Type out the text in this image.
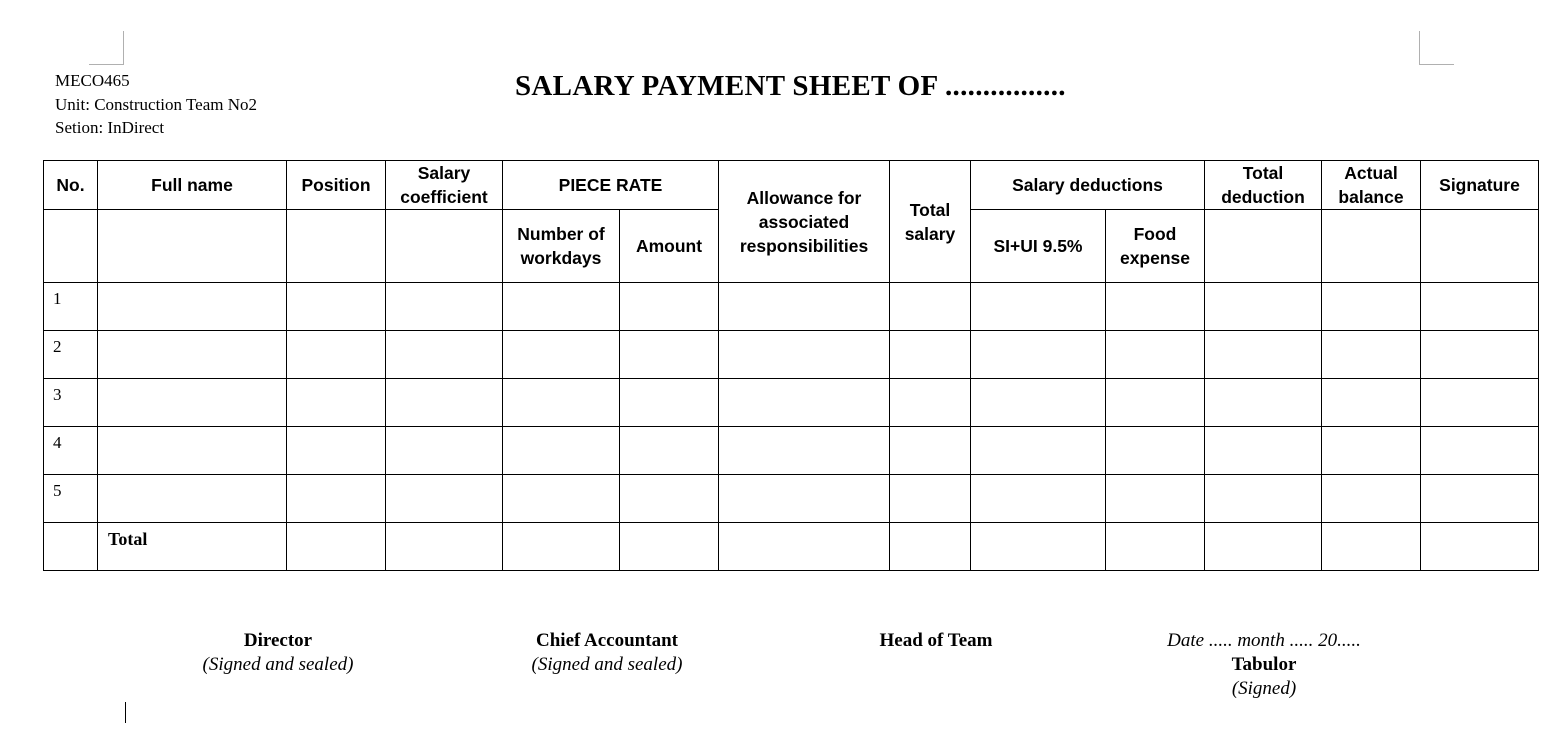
MECO465
Unit: Construction Team No2
Setion: InDirect
SALARY PAYMENT SHEET OF ................
No.	Full name	Position	Salary coefficient	PIECE RATE		Allowance for associated responsibilities	Total salary	Salary deductions		Total deduction	Actual balance	Signature
				Number of workdays	Amount			SI+UI 9.5%	Food expense			
1												
2												
3												
4												
5												
	Total											
Director
(Signed and sealed)
Chief Accountant
(Signed and sealed)
Head of Team	Date ..... month ..... 20.....
Tabulor
(Signed)
